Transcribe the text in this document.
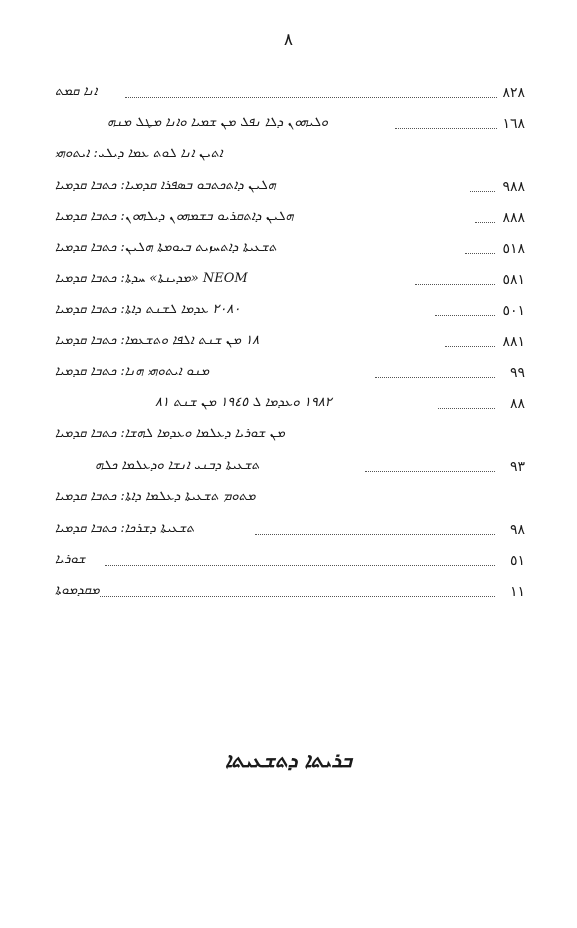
٨
٨٢٨
ܐܢܐ ܩܡܬ
١٦٨
ܘܠܝܗܘܢ ܕܠܐ ܢܦܠ ܡܢ ܫܡܝܐ ܘܐܢܐ ܡܛܠ ܡܢܗ
ܐܬܝܢ ܐܢܐ ܠܘܬ ܥܡܐ ܕܝܠܝ: ܐܝܬܘܗܝ
٩٨٨
ܗܠܝܢ ܕܐܬܟܬܒܘ ܒܣܦܪܐ ܩܕܡܝܐ: ܟܬܒܐ ܩܕܡܝܐ
٨٨٨
ܗܠܝܢ ܕܐܬܩܪܝܘ ܒܫܡܗܘܢ ܕܝܠܗܘܢ: ܟܬܒܐ ܩܕܡܝܐ
٥١٨
ܬܫܥܝܬܐ ܕܐܬܚܙܝܬ ܒܝܘܡܬܐ ܗܠܝܢ: ܟܬܒܐ ܩܕܡܝܐ
٥٨١
NEOM «ܡܕܝܢܬܐ» ܚܕܬܐ: ܟܬܒܐ ܩܕܡܝܐ
٥٠١
٢٠٨٠ ܥܕܡܐ ܠܫܢܬ ܕܐܬܐ: ܟܬܒܐ ܩܕܡܝܐ
٨٨١
١٨ ܡܢ ܫܢܬ ܐܠܦܐ ܘܬܫܥܡܐ: ܟܬܒܐ ܩܕܡܝܐ
٩٩
ܡܢܘ ܐܝܬܘܗܝ ܗܢܐ: ܟܬܒܐ ܩܕܡܝܐ
٨٨
١٩٨٢ ܘܥܕܡܐ ܠ ١٩٤٥ ܡܢ ܫܢܬ ٨١
ܡܢ ܫܘܪܝܐ ܕܥܠܡܐ ܘܥܕܡܐ ܠܗܫܐ: ܟܬܒܐ ܩܕܡܝܐ
٩٣
ܬܫܥܝܬܐ ܕܒܢܝ ܐܢܫܐ ܘܕܥܠܡܐ ܟܠܗ
ܡܬܘܡ ܬܫܥܝܬܐ ܕܥܠܡܐ ܕܐܬܐ: ܟܬܒܐ ܩܕܡܝܐ
٩٨
ܬܫܥܝܬܐ ܕܫܪܟܐ: ܟܬܒܐ ܩܕܡܝܐ
٥١
ܫܘܪܝܐ
١١
ܡܩܕܡܘܬܐ
ܒܪܝܬܐ ܕܬܫܥܝܬܐ
